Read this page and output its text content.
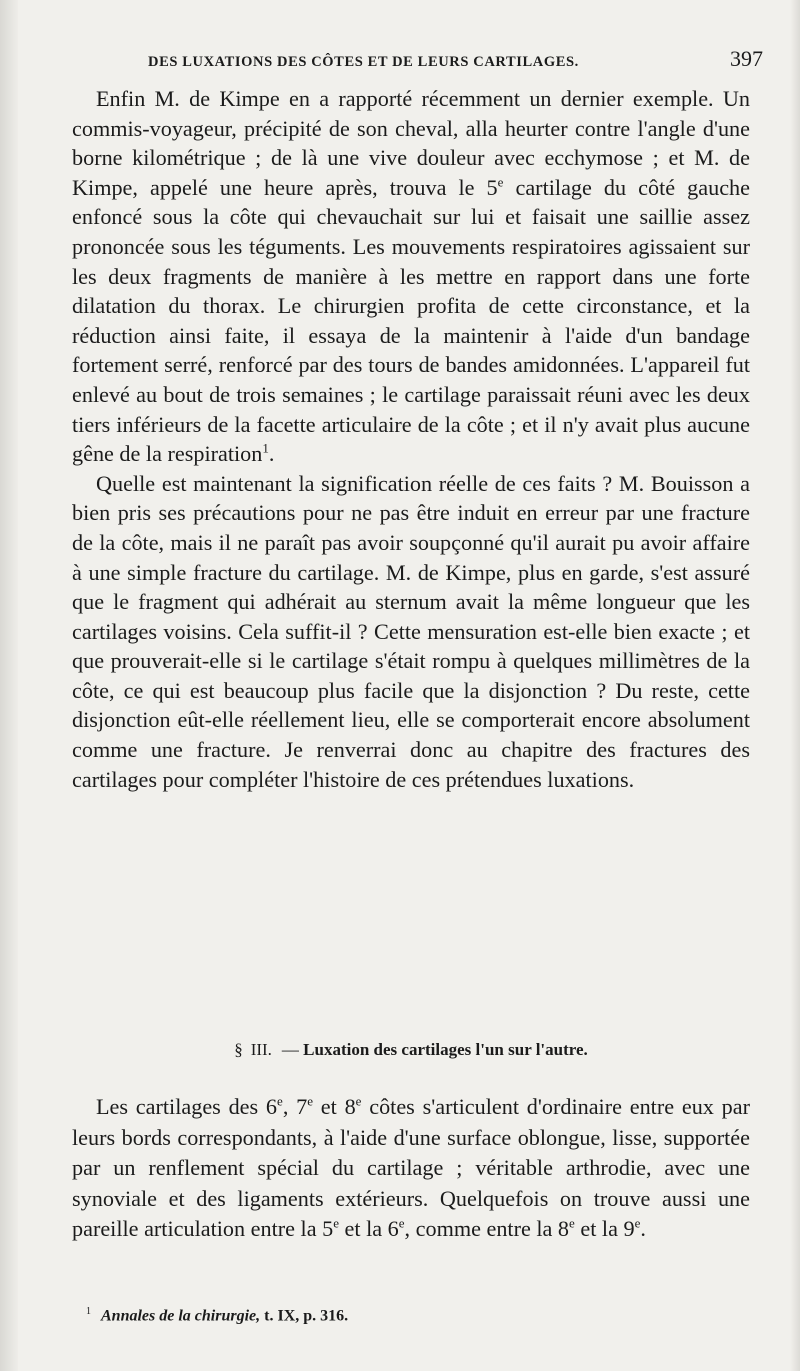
DES LUXATIONS DES CÔTES ET DE LEURS CARTILAGES.	397

Enfin M. de Kimpe en a rapporté récemment un dernier exemple. Un commis-voyageur, précipité de son cheval, alla heurter contre l'angle d'une borne kilométrique ; de là une vive douleur avec ecchymose ; et M. de Kimpe, appelé une heure après, trouva le 5e cartilage du côté gauche enfoncé sous la côte qui chevauchait sur lui et faisait une saillie assez prononcée sous les téguments. Les mouvements respiratoires agissaient sur les deux fragments de manière à les mettre en rapport dans une forte dilatation du thorax. Le chirurgien profita de cette circonstance, et la réduction ainsi faite, il essaya de la maintenir à l'aide d'un bandage fortement serré, renforcé par des tours de bandes amidonnées. L'appareil fut enlevé au bout de trois semaines ; le cartilage paraissait réuni avec les deux tiers inférieurs de la facette articulaire de la côte ; et il n'y avait plus aucune gêne de la respiration$^1$.

Quelle est maintenant la signification réelle de ces faits ? M. Bouisson a bien pris ses précautions pour ne pas être induit en erreur par une fracture de la côte, mais il ne paraît pas avoir soupçonné qu'il aurait pu avoir affaire à une simple fracture du cartilage. M. de Kimpe, plus en garde, s'est assuré que le fragment qui adhérait au sternum avait la même longueur que les cartilages voisins. Cela suffit-il ? Cette mensuration est-elle bien exacte ; et que prouverait-elle si le cartilage s'était rompu à quelques millimètres de la côte, ce qui est beaucoup plus facile que la disjonction ? Du reste, cette disjonction eût-elle réellement lieu, elle se comporterait encore absolument comme une fracture. Je renverrai donc au chapitre des fractures des cartilages pour compléter l'histoire de ces prétendues luxations.

§ III. — Luxation des cartilages l'un sur l'autre.

Les cartilages des 6e, 7e et 8e côtes s'articulent d'ordinaire entre eux par leurs bords correspondants, à l'aide d'une surface oblongue, lisse, supportée par un renflement spécial du cartilage ; véritable arthrodie, avec une synoviale et des ligaments extérieurs. Quelquefois on trouve aussi une pareille articulation entre la 5e et la 6e, comme entre la 8e et la 9e.

$^1$ Annales de la chirurgie, t. IX, p. 316.
